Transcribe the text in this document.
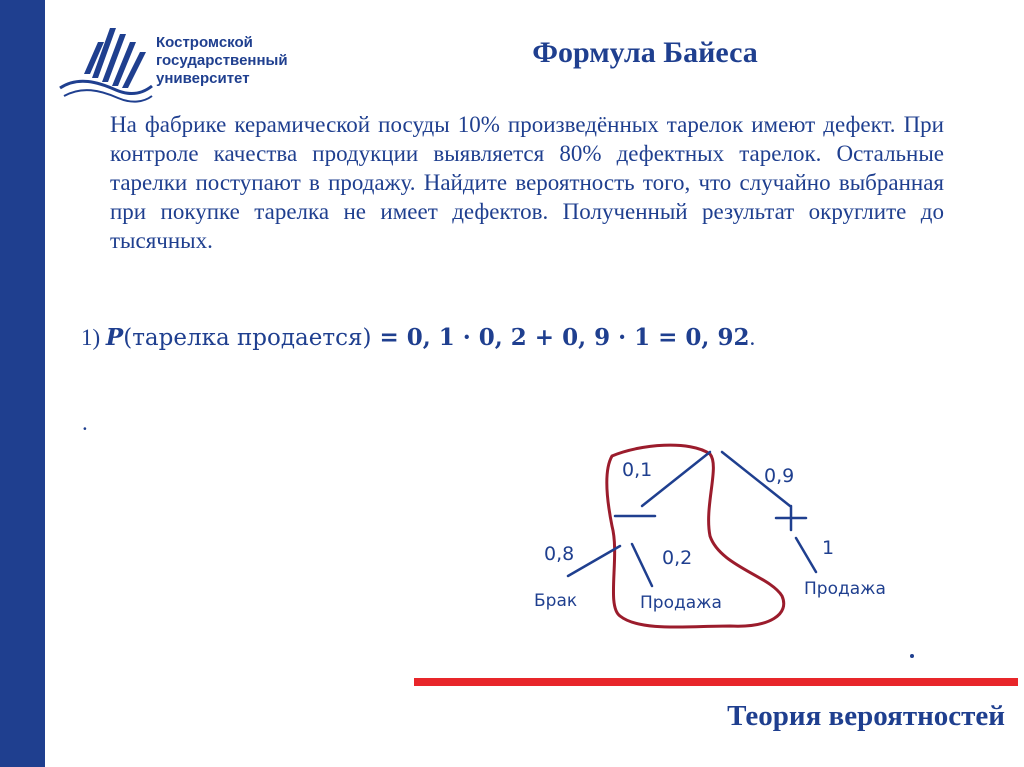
Костромской
государственный
университет
Формула Байеса
На фабрике керамической посуды 10% произведённых тарелок имеют дефект. При контроле качества продукции выявляется 80% дефектных тарелок. Остальные тарелки поступают в продажу. Найдите вероятность того, что случайно выбранная при покупке тарелка не имеет дефектов. Полученный результат округлите до тысячных.
1) P(тарелка продается) = 0, 1 · 0, 2 + 0, 9 · 1 = 0, 92.
.
0,1	0,9
0,8	0,2	1
Брак	Продажа
Продажа
Теория вероятностей
